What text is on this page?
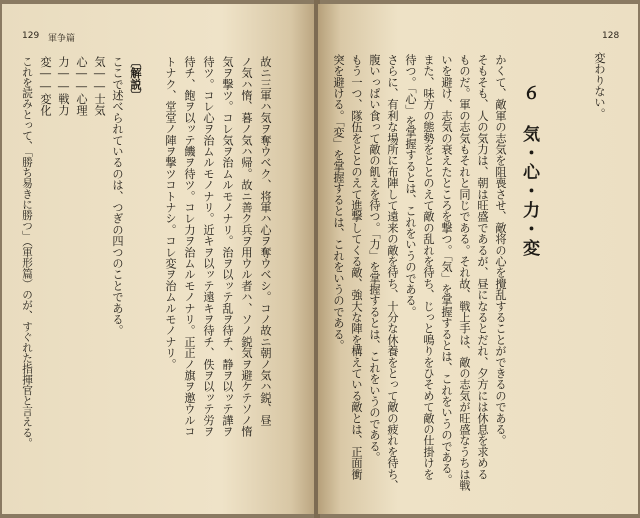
129 軍争篇
故ニ三軍ハ気ヲ奪ウベク、将軍ハ心ヲ奪ウベシ。コノ故ニ朝ノ気ハ鋭、昼
ノ気ハ惰、暮ノ気ハ帰。故ニ善ク兵ヲ用ウル者ハ、ソノ鋭気ヲ避ケテソノ惰
気ヲ撃ツ。コレ気ヲ治ムルモノナリ。治ヲ以ッテ乱ヲ待チ、静ヲ以ッテ譁ヲ
待ツ。コレ心ヲ治ムルモノナリ。近キヲ以ッテ遠キヲ待チ、佚ヲ以ッテ労ヲ
待チ、飽ヲ以ッテ饑ヲ待ツ。コレ力ヲ治ムルモノナリ。正正ノ旗ヲ邀ウルコ
トナク、堂堂ノ陣ヲ撃ツコトナシ。コレ変ヲ治ムルモノナリ。
〔解説〕
ここで述べられているのは、つぎの四つのことである。
気――士気
心――心理
力――戦力
変――変化
これを読みとって、「勝ち易きに勝つ」（軍形篇）のが、すぐれた指揮官と言える。
128
変わりない。
６ 気・心・力・変
かくて、敵軍の志気を阻喪させ、敵将の心を攪乱することができるのである。
そもそも、人の気力は、朝は旺盛であるが、昼になるとだれ、夕方には休息を求める
ものだ。軍の志気もそれと同じである。それ故、戦上手は、敵の志気が旺盛なうちは戦
いを避け、志気の衰えたところを撃つ。「気」を掌握するとは、これをいうのである。
また、味方の態勢をととのえて敵の乱れを待ち、じっと鳴りをひそめて敵の仕掛けを
待つ。「心」を掌握するとは、これをいうのである。
さらに、有利な場所に布陣して遠来の敵を待ち、十分な休養をとって敵の疲れを待ち、
腹いっぱい食って敵の飢えを待つ。「力」を掌握するとは、これをいうのである。
もう一つ、隊伍をととのえて進撃してくる敵、強大な陣を構えている敵とは、正面衝
突を避ける。「変」を掌握するとは、これをいうのである。
